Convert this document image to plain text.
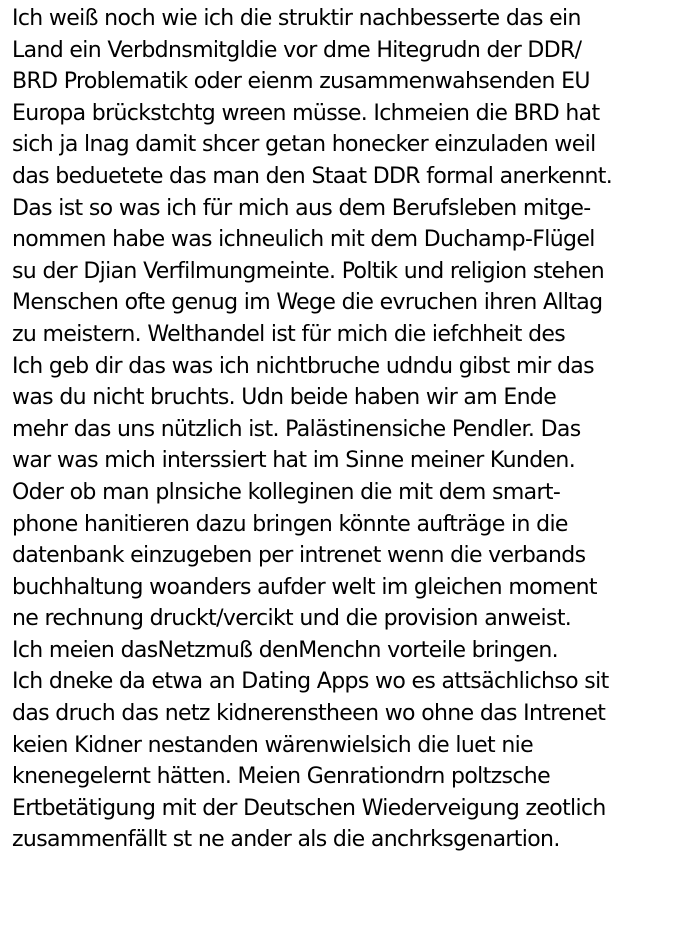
Ich weiß noch wie ich die struktir nachbesserte das ein
Land ein Verbdnsmitgldie vor dme Hitegrudn der DDR/
BRD Problematik oder eienm zusammenwahsenden EU
Europa brückstchtg wreen müsse. Ichmeien die BRD hat
sich ja lnag damit shcer getan honecker einzuladen weil
das beduetete das man den Staat DDR formal anerkennt.
Das ist so was ich für mich aus dem Berufsleben mitge-
nommen habe was ichneulich mit dem Duchamp-Flügel
su der Djian Verfilmungmeinte. Poltik und religion stehen
Menschen ofte genug im Wege die evruchen ihren Alltag
zu meistern. Welthandel ist für mich die iefchheit des
Ich geb dir das was ich nichtbruche udndu gibst mir das
was du nicht bruchts. Udn beide haben wir am Ende
mehr das uns nützlich ist. Palästinensiche Pendler. Das
war was mich interssiert hat im Sinne meiner Kunden.
Oder ob man plnsiche kolleginen die mit dem smart-
phone hanitieren dazu bringen könnte aufträge in die
datenbank einzugeben per intrenet wenn die verbands
buchhaltung woanders aufder welt im gleichen moment
ne rechnung druckt/vercikt und die provision anweist.
Ich meien dasNetzmuß denMenchn vorteile bringen.
Ich dneke da etwa an Dating Apps wo es attsächlichso sit
das druch das netz kidnerenstheen wo ohne das Intrenet
keien Kidner nestanden wärenwielsich die luet nie
knenegelernt hätten. Meien Genrationdrn poltzsche
Ertbetätigung mit der Deutschen Wiederveigung zeotlich
zusammenfällt st ne ander als die anchrksgenartion.
